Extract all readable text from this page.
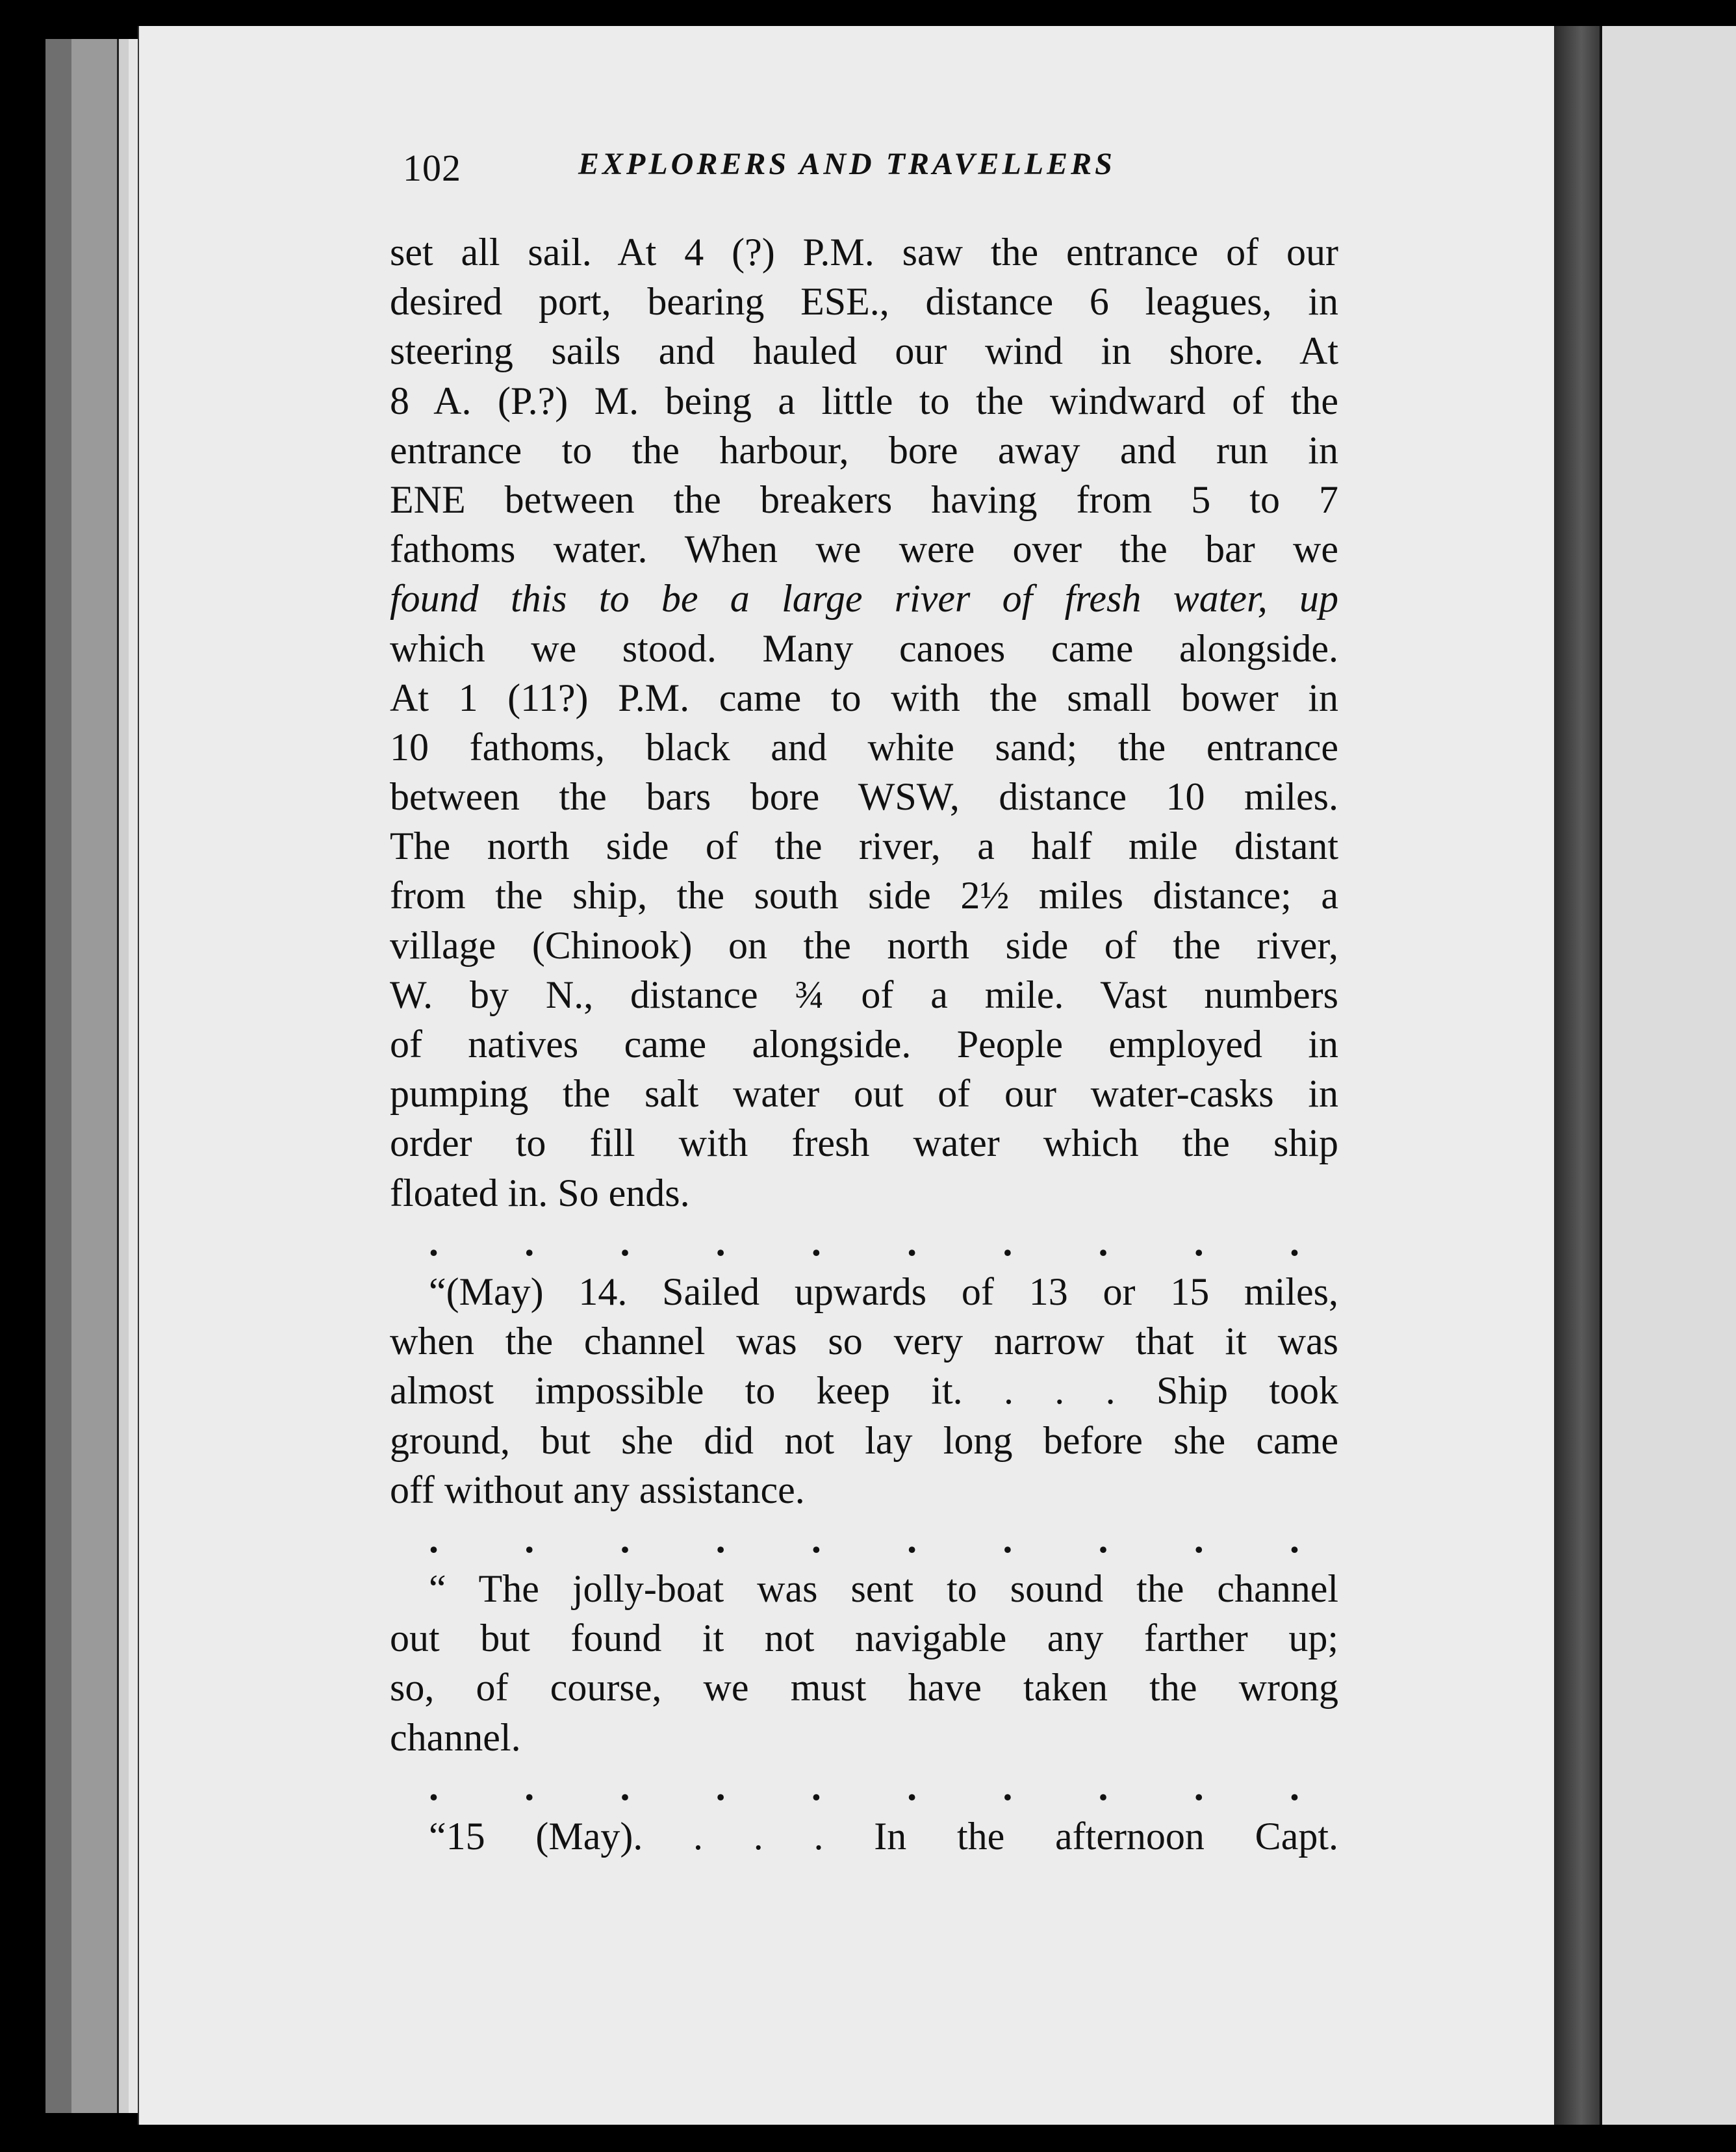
102	EXPLORERS AND TRAVELLERS
set all sail. At 4 (?) P.M. saw the entrance of our
desired port, bearing ESE., distance 6 leagues, in
steering sails and hauled our wind in shore. At
8 A. (P.?) M. being a little to the windward of the
entrance to the harbour, bore away and run in
ENE between the breakers having from 5 to 7
fathoms water. When we were over the bar we
found this to be a large river of fresh water, up
which we stood. Many canoes came alongside.
At 1 (11?) P.M. came to with the small bower in
10 fathoms, black and white sand; the entrance
between the bars bore WSW, distance 10 miles.
The north side of the river, a half mile distant
from the ship, the south side 2½ miles distance; a
village (Chinook) on the north side of the river,
W. by N., distance ¾ of a mile. Vast numbers
of natives came alongside. People employed in
pumping the salt water out of our water-casks in
order to fill with fresh water which the ship
floated in. So ends.
. . . . . . . . . .
“(May) 14. Sailed upwards of 13 or 15 miles,
when the channel was so very narrow that it was
almost impossible to keep it. . . . Ship took
ground, but she did not lay long before she came
off without any assistance.
. . . . . . . . . .
“ The jolly-boat was sent to sound the channel
out but found it not navigable any farther up;
so, of course, we must have taken the wrong
channel.
. . . . . . . . . .
“15 (May). . . . In the afternoon Capt.
